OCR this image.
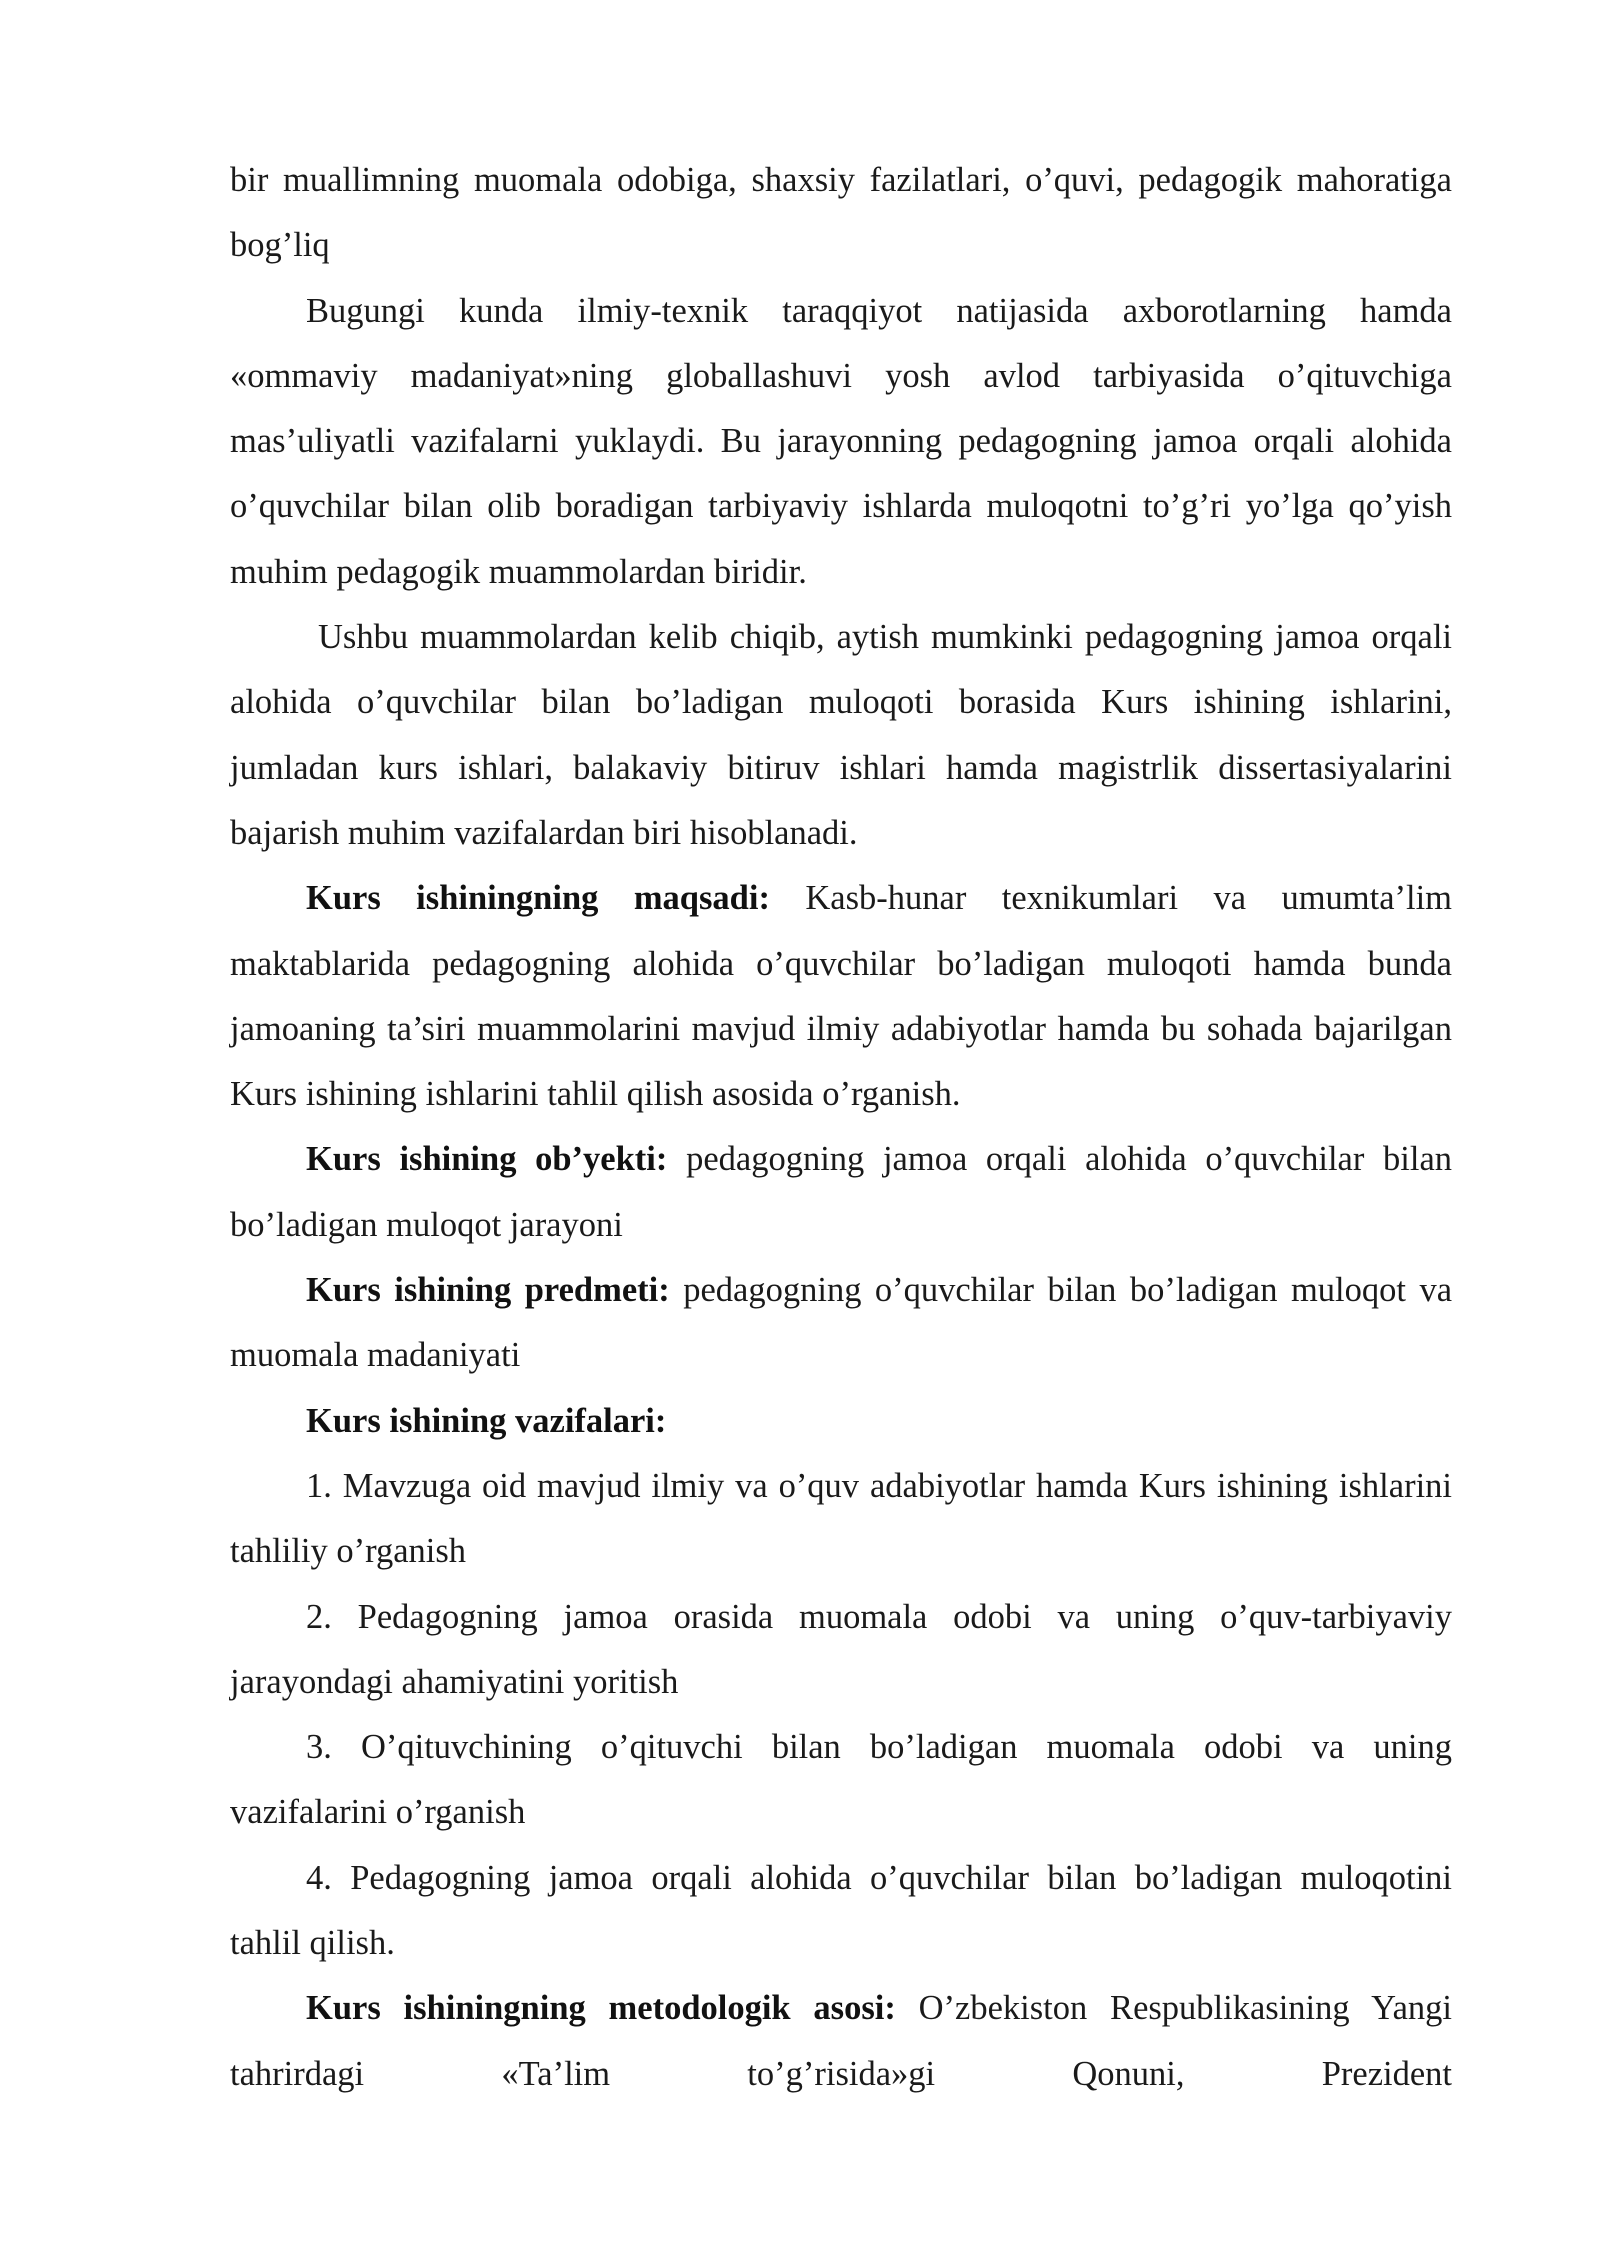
bir muallimning muomala odobiga, shaxsiy fazilatlari, o’quvi, pedagogik mahoratiga bog’liq

Bugungi kunda ilmiy-texnik taraqqiyot natijasida axborotlarning hamda «ommaviy madaniyat»ning globallashuvi yosh avlod tarbiyasida o’qituvchiga mas’uliyatli vazifalarni yuklaydi. Bu jarayonning pedagogning jamoa orqali alohida o’quvchilar bilan olib boradigan tarbiyaviy ishlarda muloqotni to’g’ri yo’lga qo’yish muhim pedagogik muammolardan biridir.

Ushbu muammolardan kelib chiqib, aytish mumkinki pedagogning jamoa orqali alohida o’quvchilar bilan bo’ladigan muloqoti borasida Kurs ishining ishlarini, jumladan kurs ishlari, balakaviy bitiruv ishlari hamda magistrlik dissertasiyalarini bajarish muhim vazifalardan biri hisoblanadi.

Kurs ishiningning maqsadi: Kasb-hunar texnikumlari va umumta’lim maktablarida pedagogning alohida o’quvchilar bo’ladigan muloqoti hamda bunda jamoaning ta’siri muammolarini mavjud ilmiy adabiyotlar hamda bu sohada bajarilgan Kurs ishining ishlarini tahlil qilish asosida o’rganish.

Kurs ishining ob’yekti: pedagogning jamoa orqali alohida o’quvchilar bilan bo’ladigan muloqot jarayoni

Kurs ishining predmeti: pedagogning o’quvchilar bilan bo’ladigan muloqot va muomala madaniyati

Kurs ishining vazifalari:

1. Mavzuga oid mavjud ilmiy va o’quv adabiyotlar hamda Kurs ishining ishlarini tahliliy o’rganish

2. Pedagogning jamoa orasida muomala odobi va uning o’quv-tarbiyaviy jarayondagi ahamiyatini yoritish

3. O’qituvchining o’qituvchi bilan bo’ladigan muomala odobi va uning vazifalarini o’rganish

4. Pedagogning jamoa orqali alohida o’quvchilar bilan bo’ladigan muloqotini tahlil qilish.

Kurs ishiningning metodologik asosi: O’zbekiston Respublikasining Yangi tahrirdagi «Ta’lim to’g’risida»gi Qonuni, Prezident
